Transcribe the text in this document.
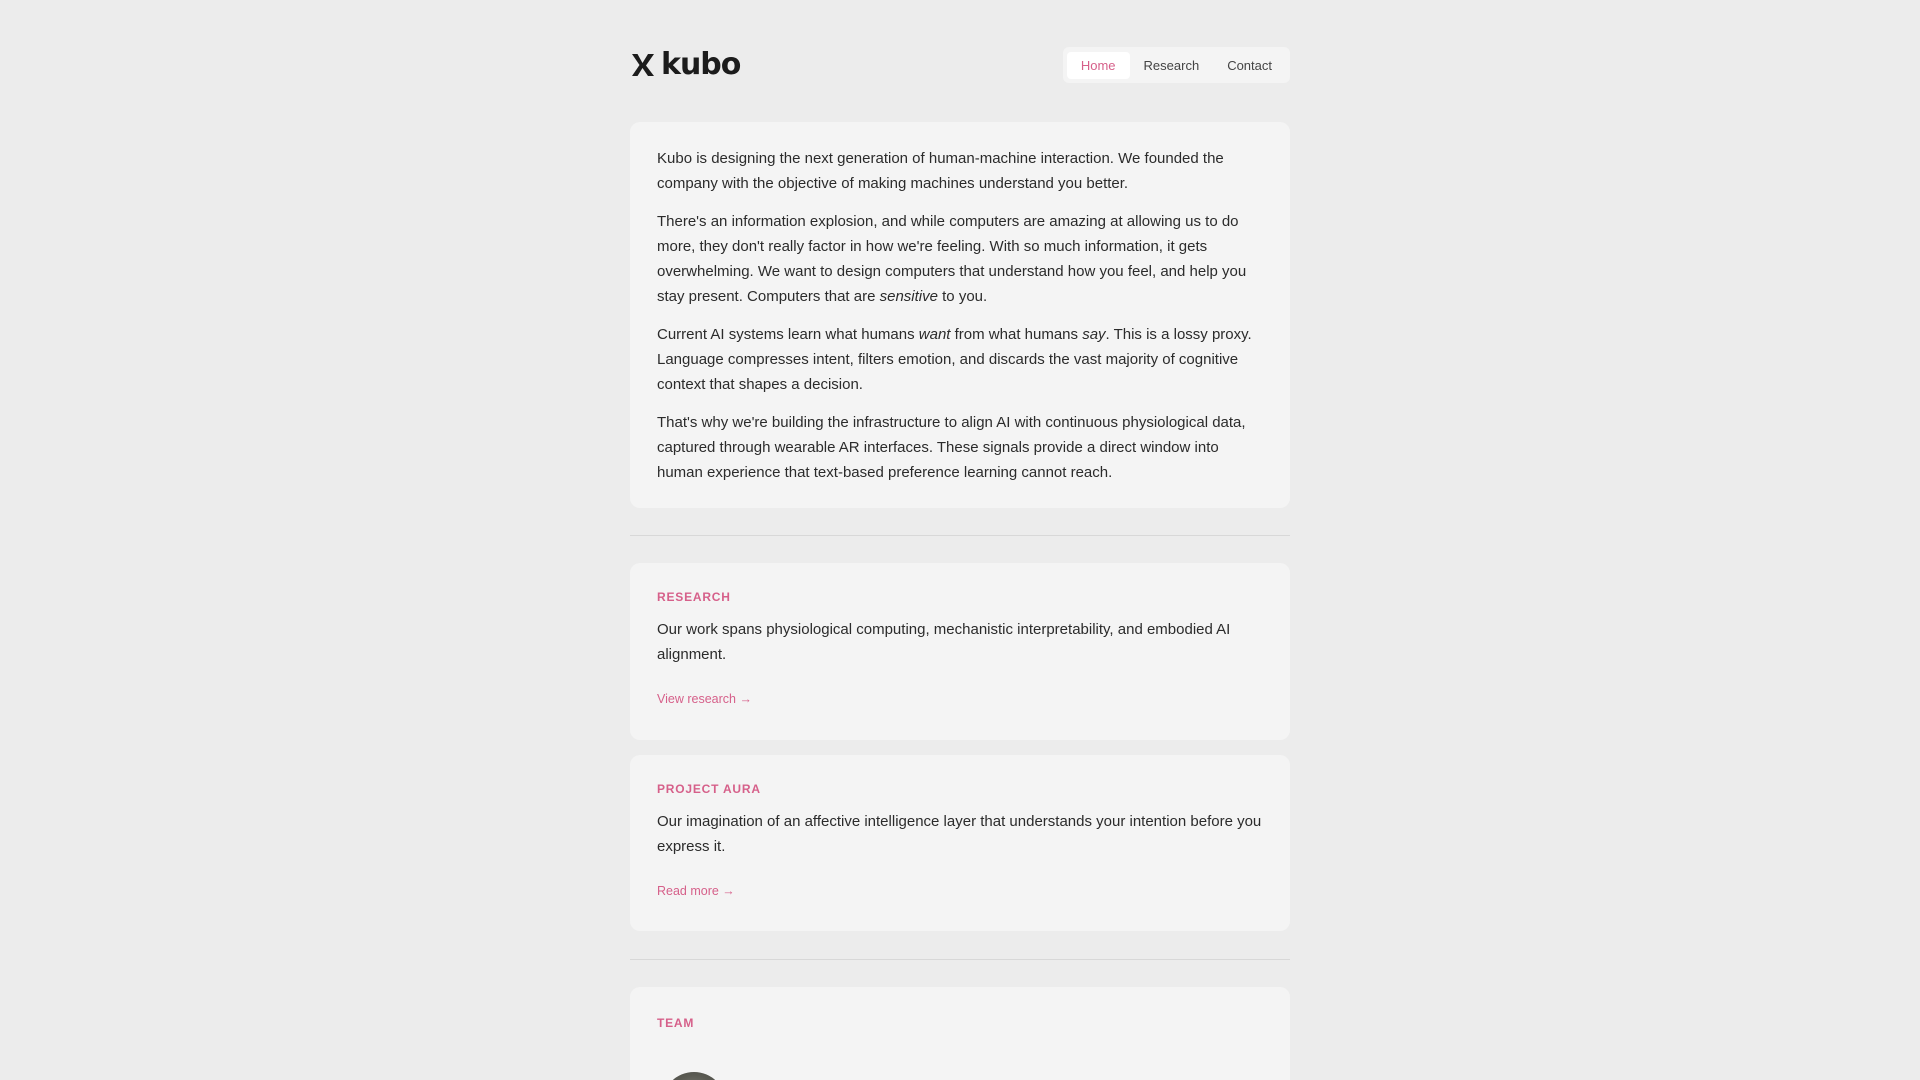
kubo	Home	Research	Contact

Kubo is designing the next generation of human-machine interaction. We founded the company with the objective of making machines understand you better.

There's an information explosion, and while computers are amazing at allowing us to do more, they don't really factor in how we're feeling. With so much information, it gets overwhelming. We want to design computers that understand how you feel, and help you stay present. Computers that are sensitive to you.

Current AI systems learn what humans want from what humans say. This is a lossy proxy. Language compresses intent, filters emotion, and discards the vast majority of cognitive context that shapes a decision.

That's why we're building the infrastructure to align AI with continuous physiological data, captured through wearable AR interfaces. These signals provide a direct window into human experience that text-based preference learning cannot reach.

RESEARCH

Our work spans physiological computing, mechanistic interpretability, and embodied AI alignment.

View research →
PROJECT AURA

Our imagination of an affective intelligence layer that understands your intention before you express it.

Read more →
TEAM
